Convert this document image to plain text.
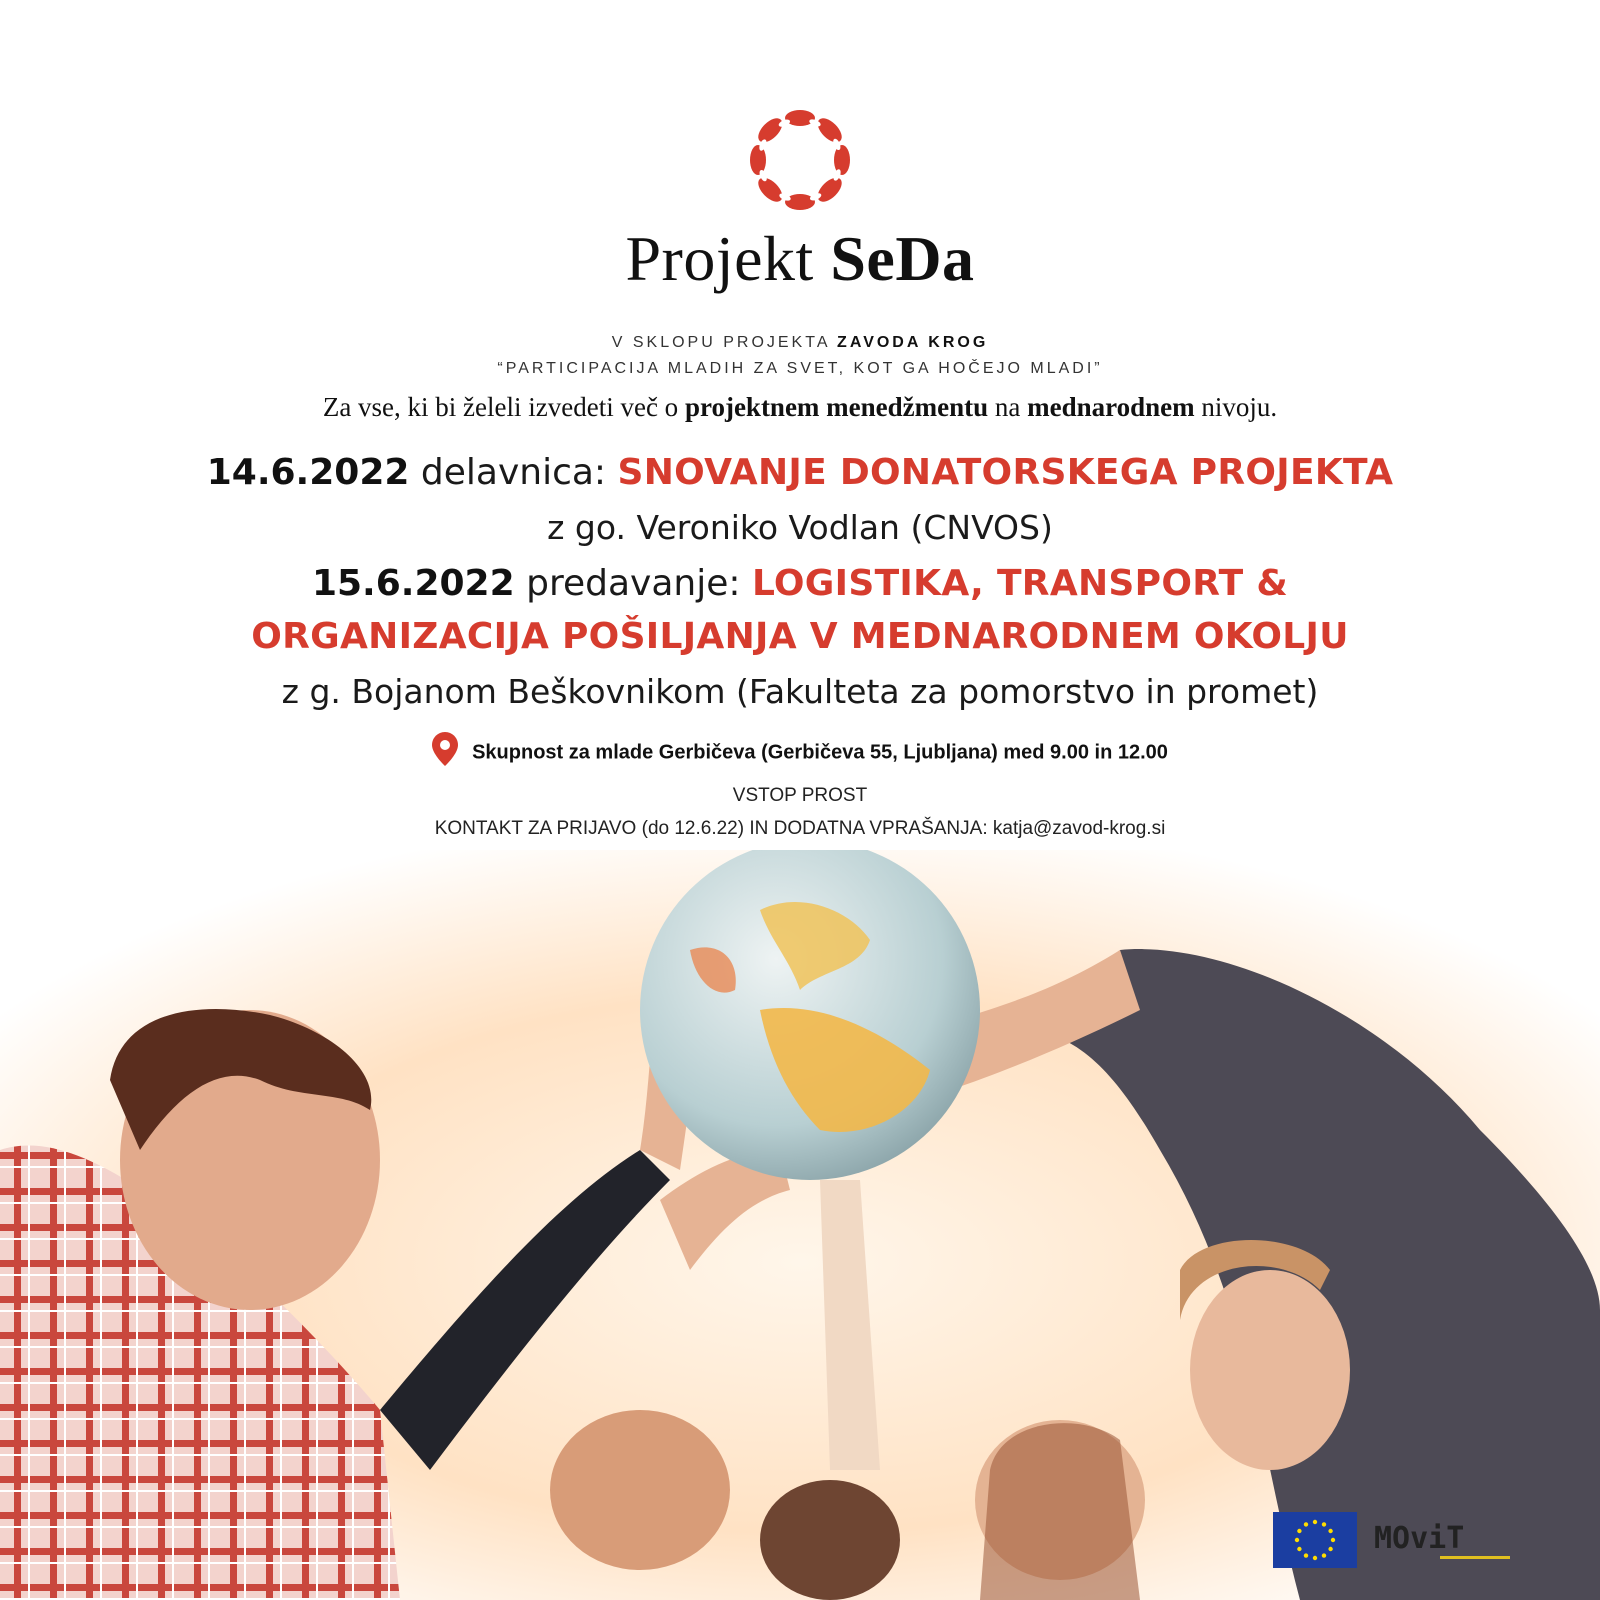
Projekt SeDa
V SKLOPU PROJEKTA ZAVODA KROG
“PARTICIPACIJA MLADIH ZA SVET, KOT GA HOČEJO MLADI”
Za vse, ki bi želeli izvedeti več o projektnem menedžmentu na mednarodnem nivoju.
14.6.2022 delavnica: SNOVANJE DONATORSKEGA PROJEKTA
z go. Veroniko Vodlan (CNVOS)
15.6.2022 predavanje: LOGISTIKA, TRANSPORT &
ORGANIZACIJA POŠILJANJA V MEDNARODNEM OKOLJU
z g. Bojanom Beškovnikom (Fakulteta za pomorstvo in promet)
Skupnost za mlade Gerbičeva (Gerbičeva 55, Ljubljana) med 9.00 in 12.00
VSTOP PROST
KONTAKT ZA PRIJAVO (do 12.6.22) IN DODATNA VPRAŠANJA: katja@zavod-krog.si
MOviT
